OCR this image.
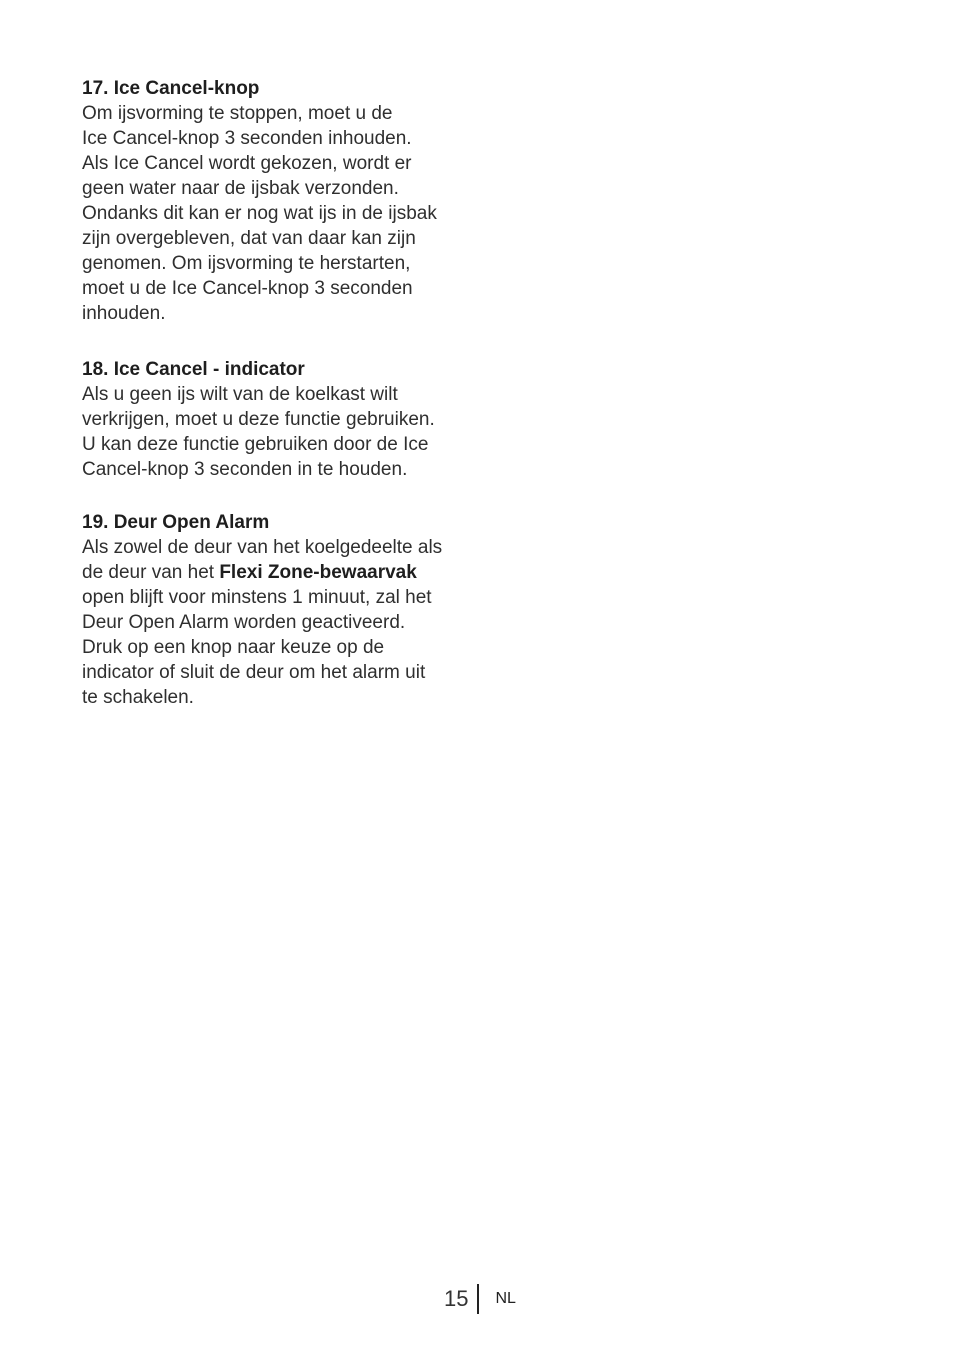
17. Ice Cancel-knop

Om ijsvorming te stoppen, moet u de

Ice Cancel-knop 3 seconden inhouden.

Als Ice Cancel wordt gekozen, wordt er

geen water naar de ijsbak verzonden.

Ondanks dit kan er nog wat ijs in de ijsbak

zijn overgebleven, dat van daar kan zijn

genomen. Om ijsvorming te herstarten,

moet u de Ice Cancel-knop 3 seconden

inhouden.

18. Ice Cancel - indicator

Als u geen ijs wilt van de koelkast wilt

verkrijgen, moet u deze functie gebruiken.

U kan deze functie gebruiken door de Ice

Cancel-knop 3 seconden in te houden.

19. Deur Open Alarm

Als zowel de deur van het koelgedeelte als

de deur van het Flexi Zone-bewaarvak

open blijft voor minstens 1 minuut, zal het

Deur Open Alarm worden geactiveerd.

Druk op een knop naar keuze op de

indicator of sluit de deur om het alarm uit

te schakelen.

15	NL
